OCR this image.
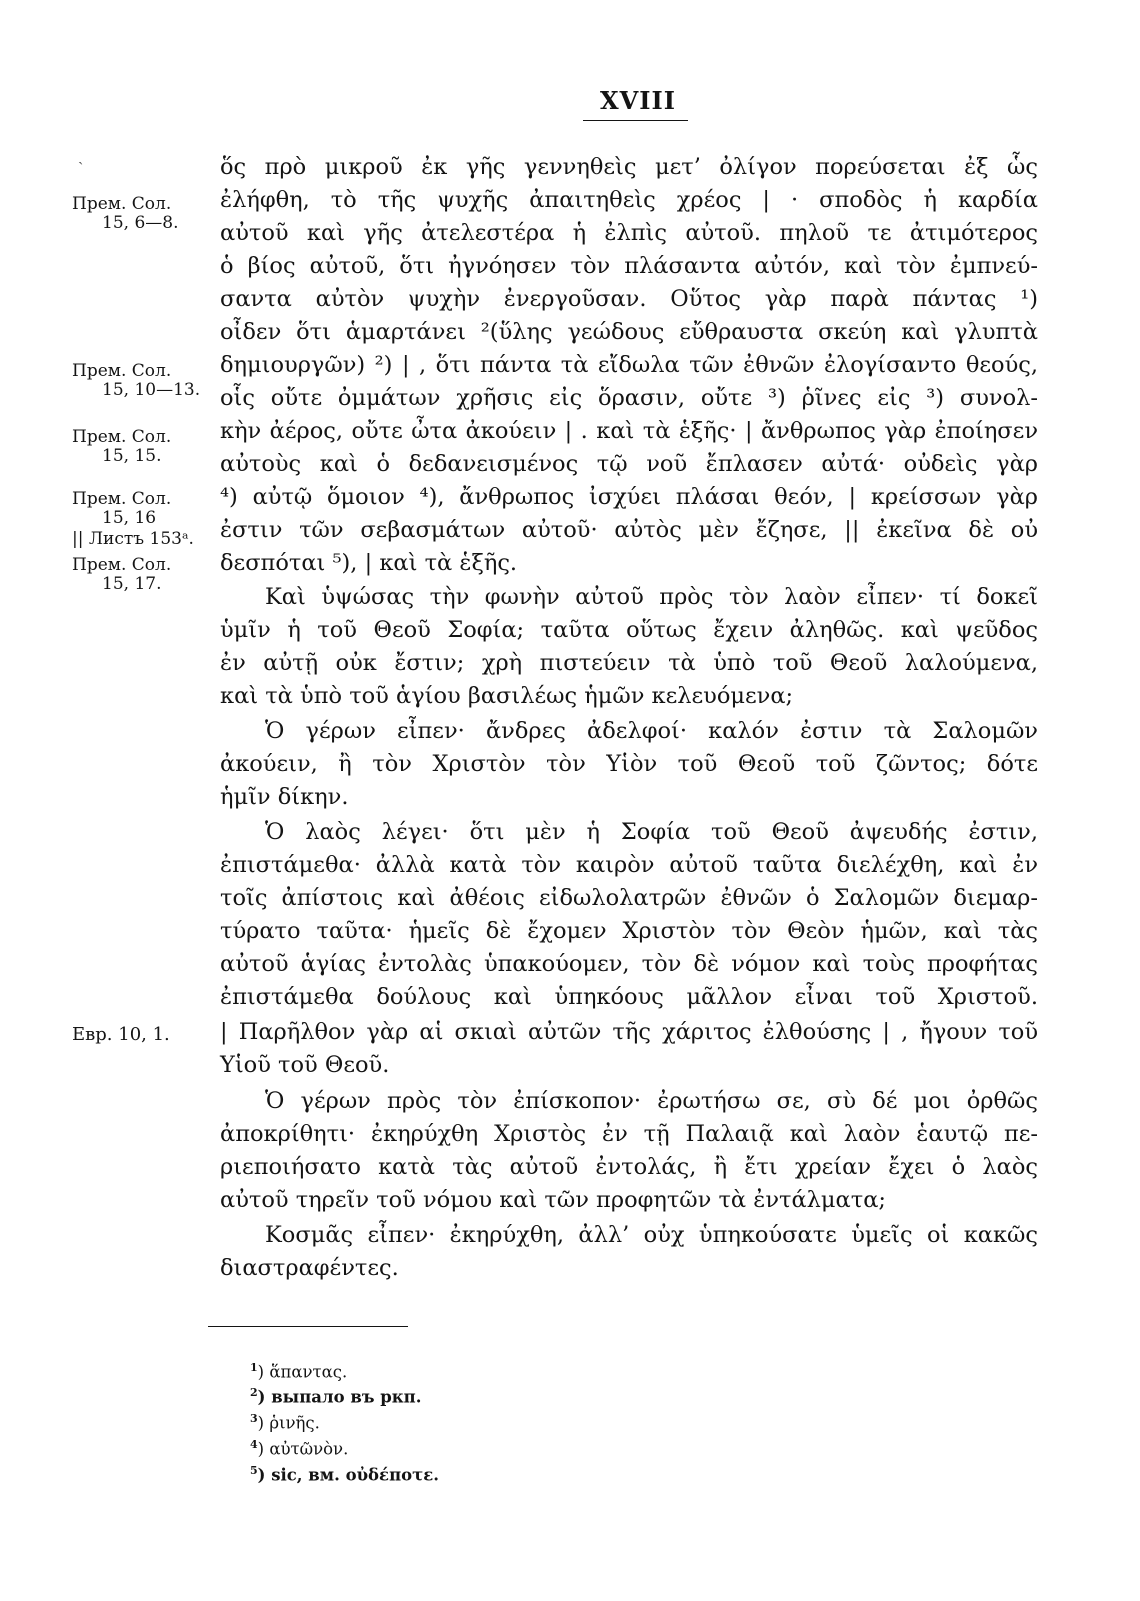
ˎ
XVIII
ὅς πρὸ μικροῦ ἐκ γῆς γεννηθεὶς μετ’ ὀλίγον πορεύσεται ἐξ ὧς
ἐλήφθη, τὸ τῆς ψυχῆς ἀπαιτηθεὶς χρέος | · σποδὸς ἡ καρδία
αὐτοῦ καὶ γῆς ἀτελεστέρα ἡ ἐλπὶς αὐτοῦ. πηλοῦ τε ἀτιμότερος
ὁ βίος αὐτοῦ, ὅτι ἠγνόησεν τὸν πλάσαντα αὐτόν, καὶ τὸν ἐμπνεύ-
σαντα αὐτὸν ψυχὴν ἐνεργοῦσαν. Οὕτος γὰρ παρὰ πάντας ¹)
οἶδεν ὅτι ἁμαρτάνει ²(ὕλης γεώδους εὔθραυστα σκεύη καὶ γλυπτὰ
δημιουργῶν) ²) | , ὅτι πάντα τὰ εἴδωλα τῶν ἐθνῶν ἐλογίσαντο θεούς,
οἷς οὔτε ὀμμάτων χρῆσις εἰς ὅρασιν, οὔτε ³) ῥῖνες εἰς ³) συνολ-
κὴν ἀέρος, οὔτε ὦτα ἀκούειν | . καὶ τὰ ἑξῆς· | ἄνθρωπος γὰρ ἐποίησεν
αὐτοὺς καὶ ὁ δεδανεισμένος τῷ νοῦ ἔπλασεν αὐτά· οὐδεὶς γὰρ
⁴) αὐτῷ ὅμοιον ⁴), ἄνθρωπος ἰσχύει πλάσαι θεόν, | κρείσσων γὰρ
ἐστιν τῶν σεβασμάτων αὐτοῦ· αὐτὸς μὲν ἔζησε, || ἐκεῖνα δὲ οὐ
δεσπόται ⁵), | καὶ τὰ ἑξῆς.
Καὶ ὑψώσας τὴν φωνὴν αὐτοῦ πρὸς τὸν λαὸν εἶπεν· τί δοκεῖ
ὑμῖν ἡ τοῦ Θεοῦ Σοφία; ταῦτα οὕτως ἔχειν ἀληθῶς. καὶ ψεῦδος
ἐν αὐτῇ οὐκ ἔστιν; χρὴ πιστεύειν τὰ ὑπὸ τοῦ Θεοῦ λαλούμενα,
καὶ τὰ ὑπὸ τοῦ ἁγίου βασιλέως ἡμῶν κελευόμενα;
Ὁ γέρων εἶπεν· ἄνδρες ἀδελφοί· καλόν ἐστιν τὰ Σαλομῶν
ἀκούειν, ἢ τὸν Χριστὸν τὸν Υἱὸν τοῦ Θεοῦ τοῦ ζῶντος; δότε
ἡμῖν δίκην.
Ὁ λαὸς λέγει· ὅτι μὲν ἡ Σοφία τοῦ Θεοῦ ἀψευδής ἐστιν,
ἐπιστάμεθα· ἀλλὰ κατὰ τὸν καιρὸν αὐτοῦ ταῦτα διελέχθη, καὶ ἐν
τοῖς ἀπίστοις καὶ ἀθέοις εἰδωλολατρῶν ἐθνῶν ὁ Σαλομῶν διεμαρ-
τύρατο ταῦτα· ἡμεῖς δὲ ἔχομεν Χριστὸν τὸν Θεὸν ἡμῶν, καὶ τὰς
αὐτοῦ ἁγίας ἐντολὰς ὑπακούομεν, τὸν δὲ νόμον καὶ τοὺς προφήτας
ἐπιστάμεθα δούλους καὶ ὑπηκόους μᾶλλον εἶναι τοῦ Χριστοῦ.
| Παρῆλθον γὰρ αἱ σκιαὶ αὐτῶν τῆς χάριτος ἐλθούσης | , ἤγουν τοῦ
Υἱοῦ τοῦ Θεοῦ.
Ὁ γέρων πρὸς τὸν ἐπίσκοπον· ἐρωτήσω σε, σὺ δέ μοι ὀρθῶς
ἀποκρίθητι· ἐκηρύχθη Χριστὸς ἐν τῇ Παλαιᾷ καὶ λαὸν ἑαυτῷ πε-
ριεποιήσατο κατὰ τὰς αὐτοῦ ἐντολάς, ἢ ἔτι χρείαν ἔχει ὁ λαὸς
αὐτοῦ τηρεῖν τοῦ νόμου καὶ τῶν προφητῶν τὰ ἐντάλματα;
Κοσμᾶς εἶπεν· ἐκηρύχθη, ἀλλ’ οὐχ ὑπηκούσατε ὑμεῖς οἱ κακῶς
διαστραφέντες.
Прем. Сол.
15, 6—8.
Прем. Сол.
15, 10—13.
Прем. Сол.
15, 15.
Прем. Сол.
15, 16
|| Листъ 153ᵃ.
Прем. Сол.
15, 17.
Евр. 10, 1.
$^1$) ἅπαντας.
$^2$) выпало въ ркп.
$^3$) ῥινῆς.
$^4$) αὐτῶνὸν.
$^5$) sic, вм. οὐδέποτε.
